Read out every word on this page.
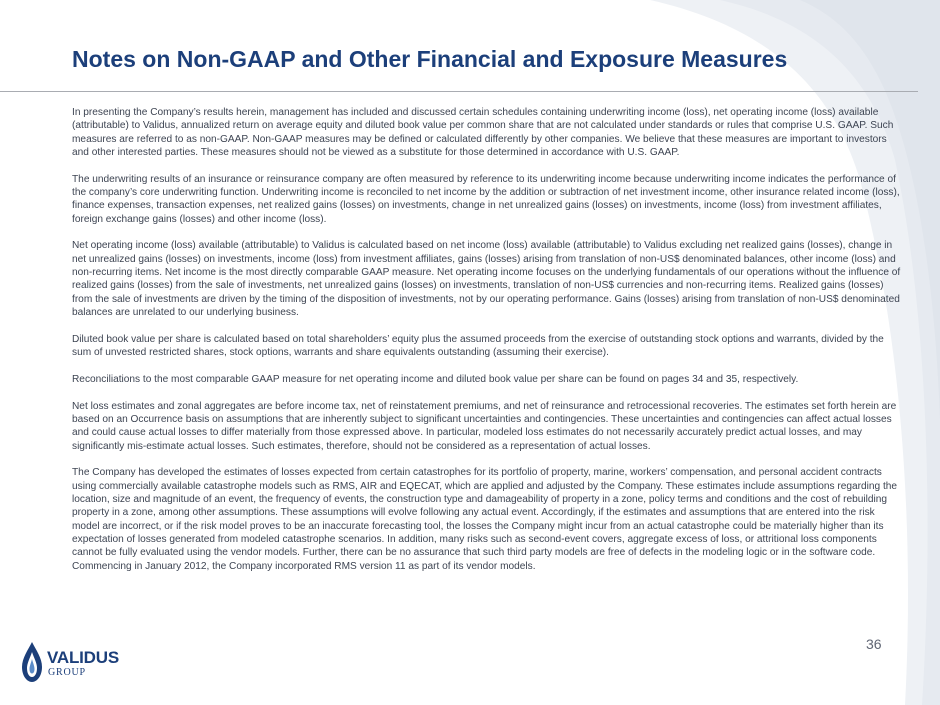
Notes on Non-GAAP and Other Financial and Exposure Measures

In presenting the Company’s results herein, management has included and discussed certain schedules containing underwriting income (loss), net operating income (loss) available (attributable) to Validus, annualized return on average equity and diluted book value per common share that are not calculated under standards or rules that comprise U.S. GAAP. Such measures are referred to as non-GAAP. Non-GAAP measures may be defined or calculated differently by other companies. We believe that these measures are important to investors and other interested parties. These measures should not be viewed as a substitute for those determined in accordance with U.S. GAAP.

The underwriting results of an insurance or reinsurance company are often measured by reference to its underwriting income because underwriting income indicates the performance of the company’s core underwriting function. Underwriting income is reconciled to net income by the addition or subtraction of net investment income, other insurance related income (loss), finance expenses, transaction expenses, net realized gains (losses) on investments, change in net unrealized gains (losses) on investments, income (loss) from investment affiliates, foreign exchange gains (losses) and other income (loss).

Net operating income (loss) available (attributable) to Validus is calculated based on net income (loss) available (attributable) to Validus excluding net realized gains (losses), change in net unrealized gains (losses) on investments, income (loss) from investment affiliates, gains (losses) arising from translation of non-US$ denominated balances, other income (loss) and non-recurring items. Net income is the most directly comparable GAAP measure. Net operating income focuses on the underlying fundamentals of our operations without the influence of realized gains (losses) from the sale of investments, net unrealized gains (losses) on investments, translation of non-US$ currencies and non-recurring items. Realized gains (losses) from the sale of investments are driven by the timing of the disposition of investments, not by our operating performance. Gains (losses) arising from translation of non-US$ denominated balances are unrelated to our underlying business.

Diluted book value per share is calculated based on total shareholders’ equity plus the assumed proceeds from the exercise of outstanding stock options and warrants, divided by the sum of unvested restricted shares, stock options, warrants and share equivalents outstanding (assuming their exercise).

Reconciliations to the most comparable GAAP measure for net operating income and diluted book value per share can be found on pages 34 and 35, respectively.

Net loss estimates and zonal aggregates are before income tax, net of reinstatement premiums, and net of reinsurance and retrocessional recoveries. The estimates set forth herein are based on an Occurrence basis on assumptions that are inherently subject to significant uncertainties and contingencies. These uncertainties and contingencies can affect actual losses and could cause actual losses to differ materially from those expressed above. In particular, modeled loss estimates do not necessarily accurately predict actual losses, and may significantly mis-estimate actual losses. Such estimates, therefore, should not be considered as a representation of actual losses.

The Company has developed the estimates of losses expected from certain catastrophes for its portfolio of property, marine, workers’ compensation, and personal accident contracts using commercially available catastrophe models such as RMS, AIR and EQECAT, which are applied and adjusted by the Company. These estimates include assumptions regarding the location, size and magnitude of an event, the frequency of events, the construction type and damageability of property in a zone, policy terms and conditions and the cost of rebuilding property in a zone, among other assumptions. These assumptions will evolve following any actual event. Accordingly, if the estimates and assumptions that are entered into the risk model are incorrect, or if the risk model proves to be an inaccurate forecasting tool, the losses the Company might incur from an actual catastrophe could be materially higher than its expectation of losses generated from modeled catastrophe scenarios. In addition, many risks such as second-event covers, aggregate excess of loss, or attritional loss components cannot be fully evaluated using the vendor models. Further, there can be no assurance that such third party models are free of defects in the modeling logic or in the software code. Commencing in January 2012, the Company incorporated RMS version 11 as part of its vendor models.

VALIDUS
GROUP
36
